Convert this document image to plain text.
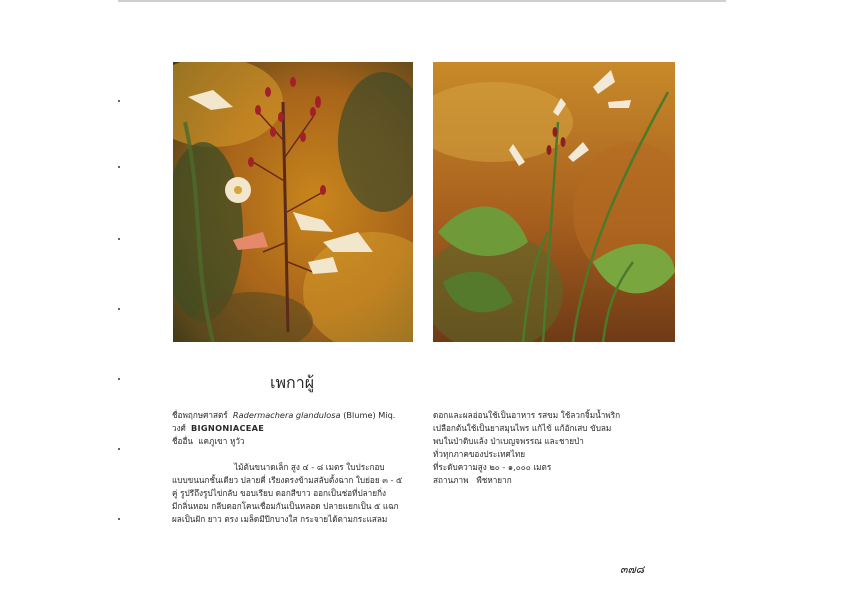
เพกาผู้
ชื่อพฤกษศาสตร์ Radermachera glandulosa (Blume) Miq.
วงศ์ BIGNONIACEAE
ชื่ออื่น แคภูเขา หูวัว
ไม้ต้นขนาดเล็ก สูง ๔ - ๘ เมตร ใบประกอบ
แบบขนนกชั้นเดียว ปลายคี่ เรียงตรงข้ามสลับตั้งฉาก ใบย่อย ๓ - ๕
คู่ รูปรีถึงรูปไข่กลับ ขอบเรียบ ดอกสีขาว ออกเป็นช่อที่ปลายกิ่ง
มีกลิ่นหอม กลีบดอกโคนเชื่อมกันเป็นหลอด ปลายแยกเป็น ๕ แฉก
ผลเป็นฝัก ยาว ตรง เมล็ดมีปีกบางใส กระจายได้ตามกระแสลม
ดอกและผลอ่อนใช้เป็นอาหาร รสขม ใช้ลวกจิ้มน้ำพริก
เปลือกต้นใช้เป็นยาสมุนไพร แก้ไข้ แก้อักเสบ ขับลม
พบในป่าดิบแล้ง ป่าเบญจพรรณ และชายป่า
ทั่วทุกภาคของประเทศไทย
ที่ระดับความสูง ๒๐ - ๑,๐๐๐ เมตร
สถานภาพ พืชหายาก
๓๗๘
